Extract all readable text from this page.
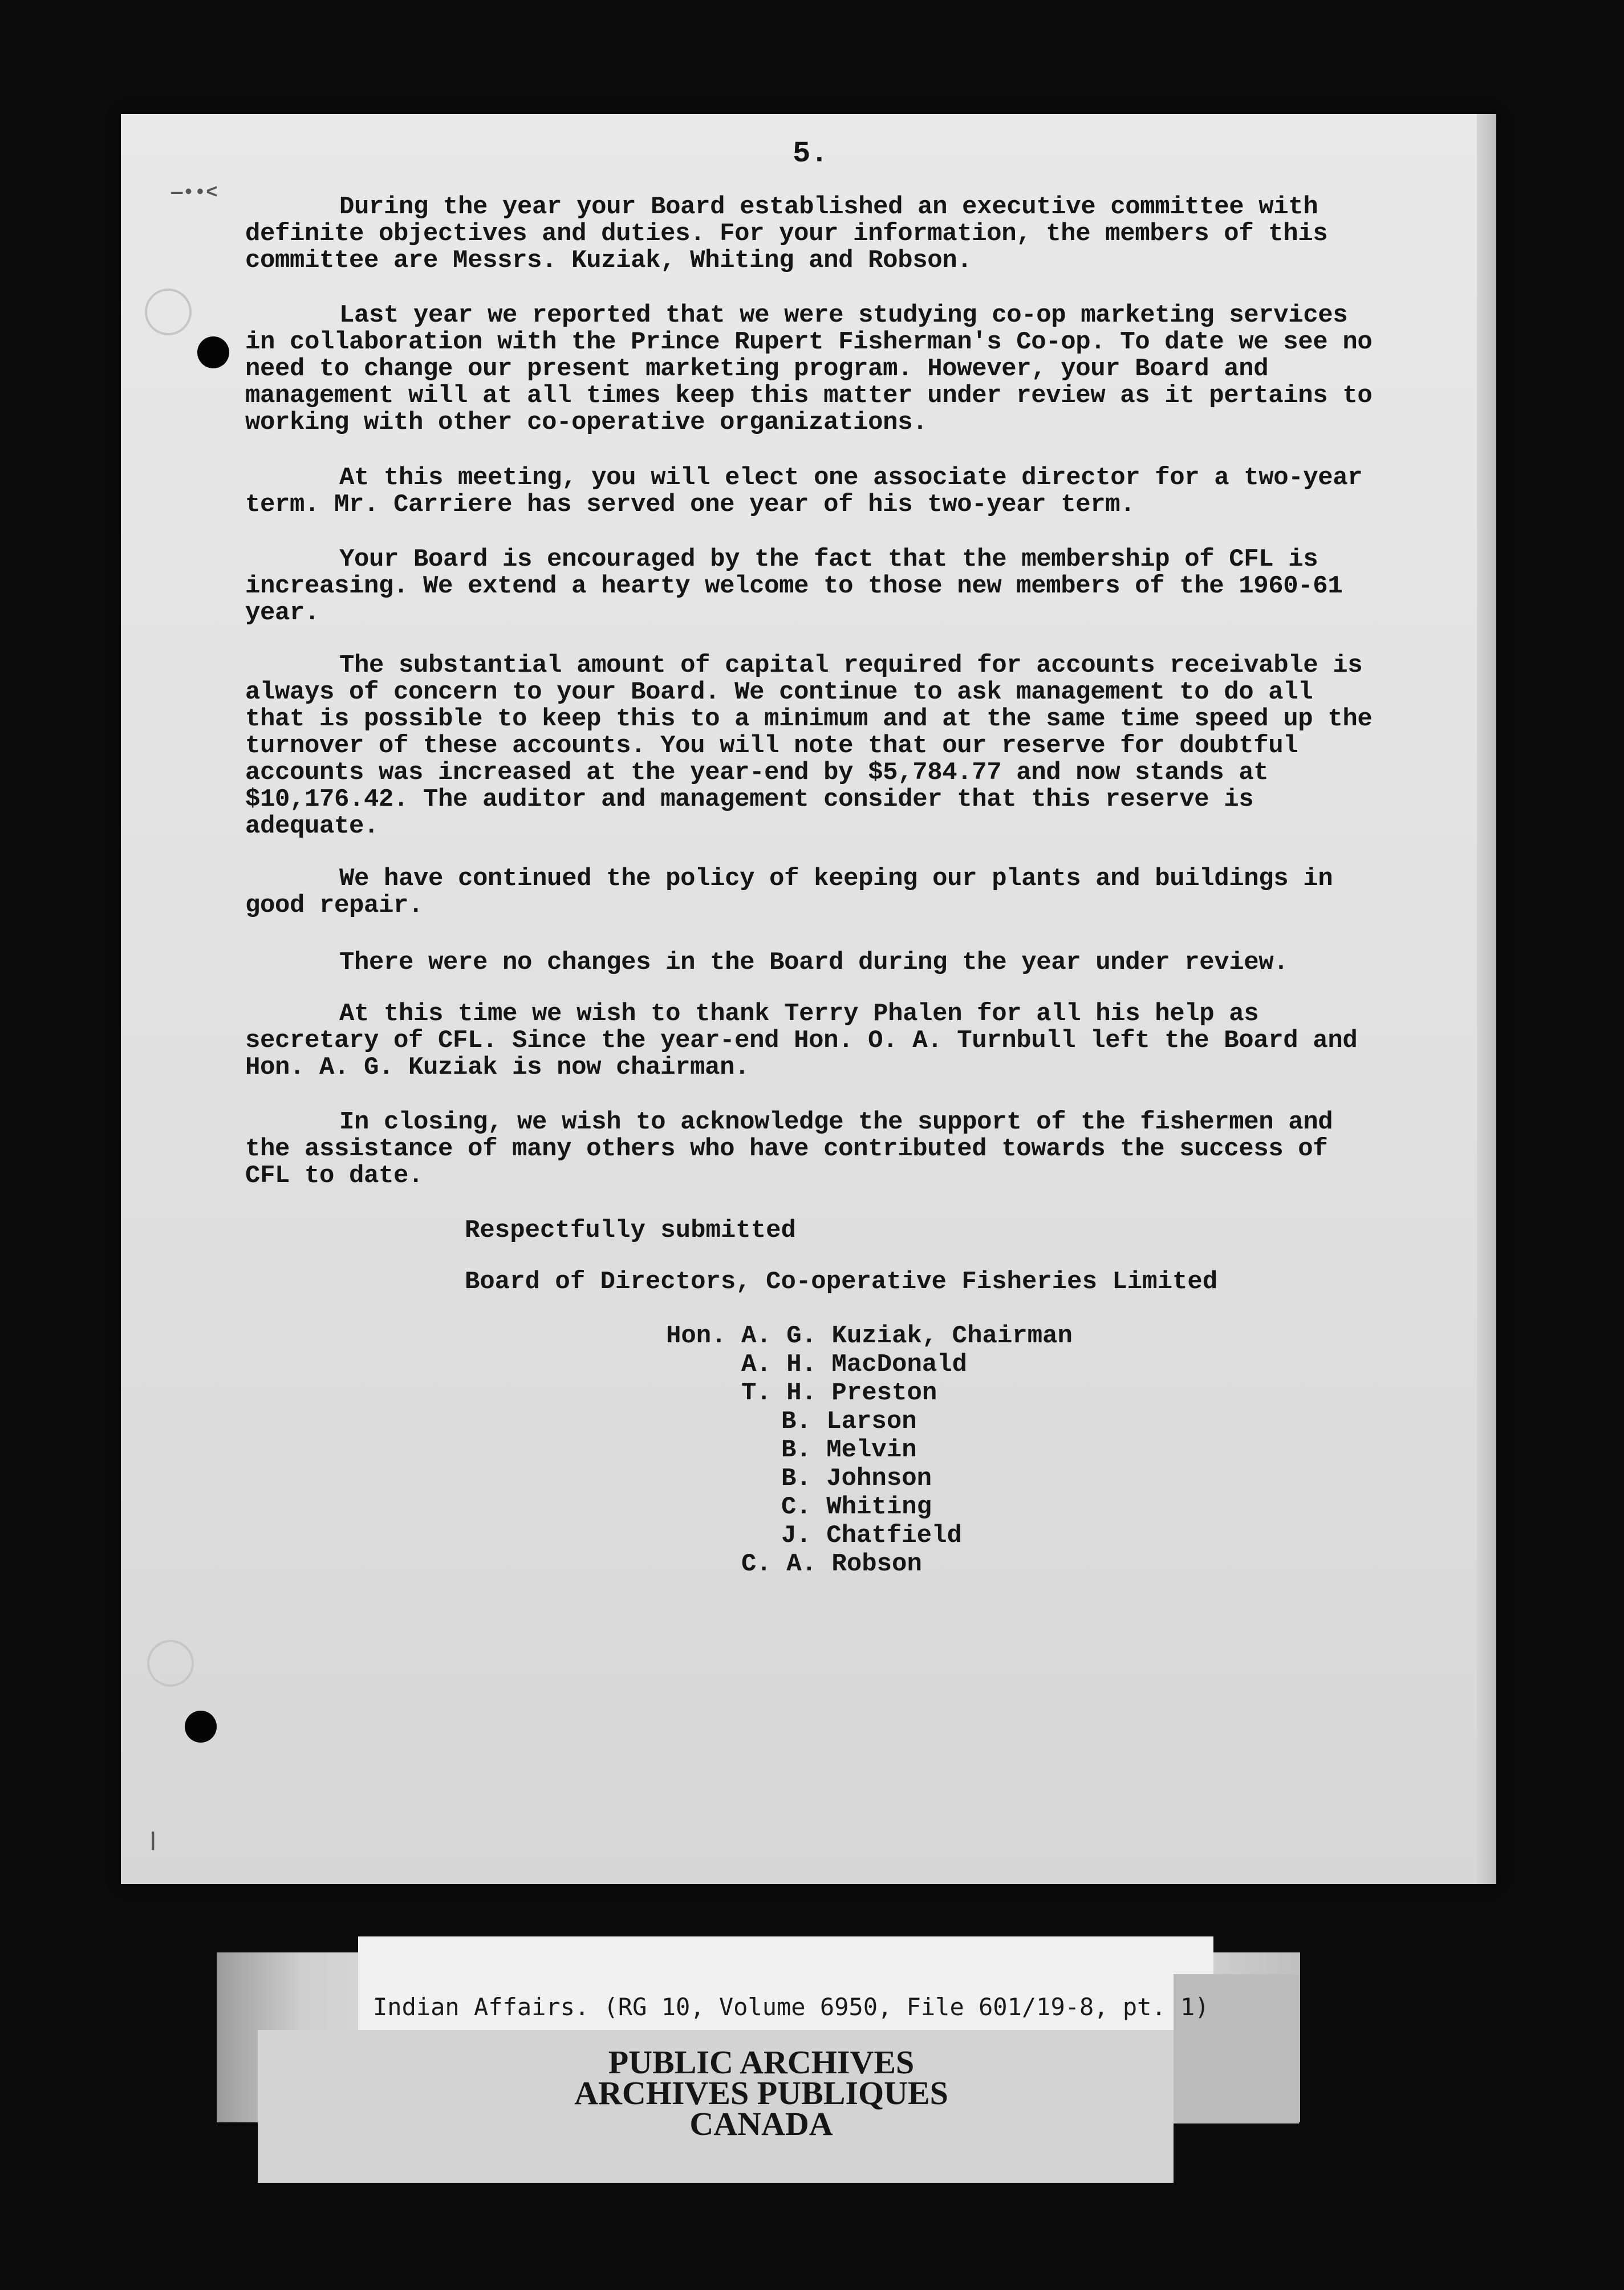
—••˂
|
5.

During the year your Board established an executive committee with definite objectives and duties. For your information, the members of this committee are Messrs. Kuziak, Whiting and Robson.

Last year we reported that we were studying co-op marketing services in collaboration with the Prince Rupert Fisherman's Co-op. To date we see no need to change our present marketing program. However, your Board and management will at all times keep this matter under review as it pertains to working with other co-operative organizations.

At this meeting, you will elect one associate director for a two-year term. Mr. Carriere has served one year of his two-year term.

Your Board is encouraged by the fact that the membership of CFL is increasing. We extend a hearty welcome to those new members of the 1960-61 year.

The substantial amount of capital required for accounts receivable is always of concern to your Board. We continue to ask management to do all that is possible to keep this to a minimum and at the same time speed up the turnover of these accounts. You will note that our reserve for doubtful accounts was increased at the year-end by $5,784.77 and now stands at $10,176.42. The auditor and management consider that this reserve is adequate.

We have continued the policy of keeping our plants and buildings in good repair.

There were no changes in the Board during the year under review.

At this time we wish to thank Terry Phalen for all his help as secretary of CFL. Since the year-end Hon. O. A. Turnbull left the Board and Hon. A. G. Kuziak is now chairman.

In closing, we wish to acknowledge the support of the fishermen and the assistance of many others who have contributed towards the success of CFL to date.

Respectfully submitted

Board of Directors, Co-operative Fisheries Limited

Hon. A. G. Kuziak, Chairman

A. H. MacDonald

T. H. Preston

B. Larson

B. Melvin

B. Johnson

C. Whiting

J. Chatfield

C. A. Robson

Indian Affairs. (RG 10, Volume 6950, File 601/19-8, pt. 1)
PUBLIC ARCHIVES
ARCHIVES PUBLIQUES
CANADA
